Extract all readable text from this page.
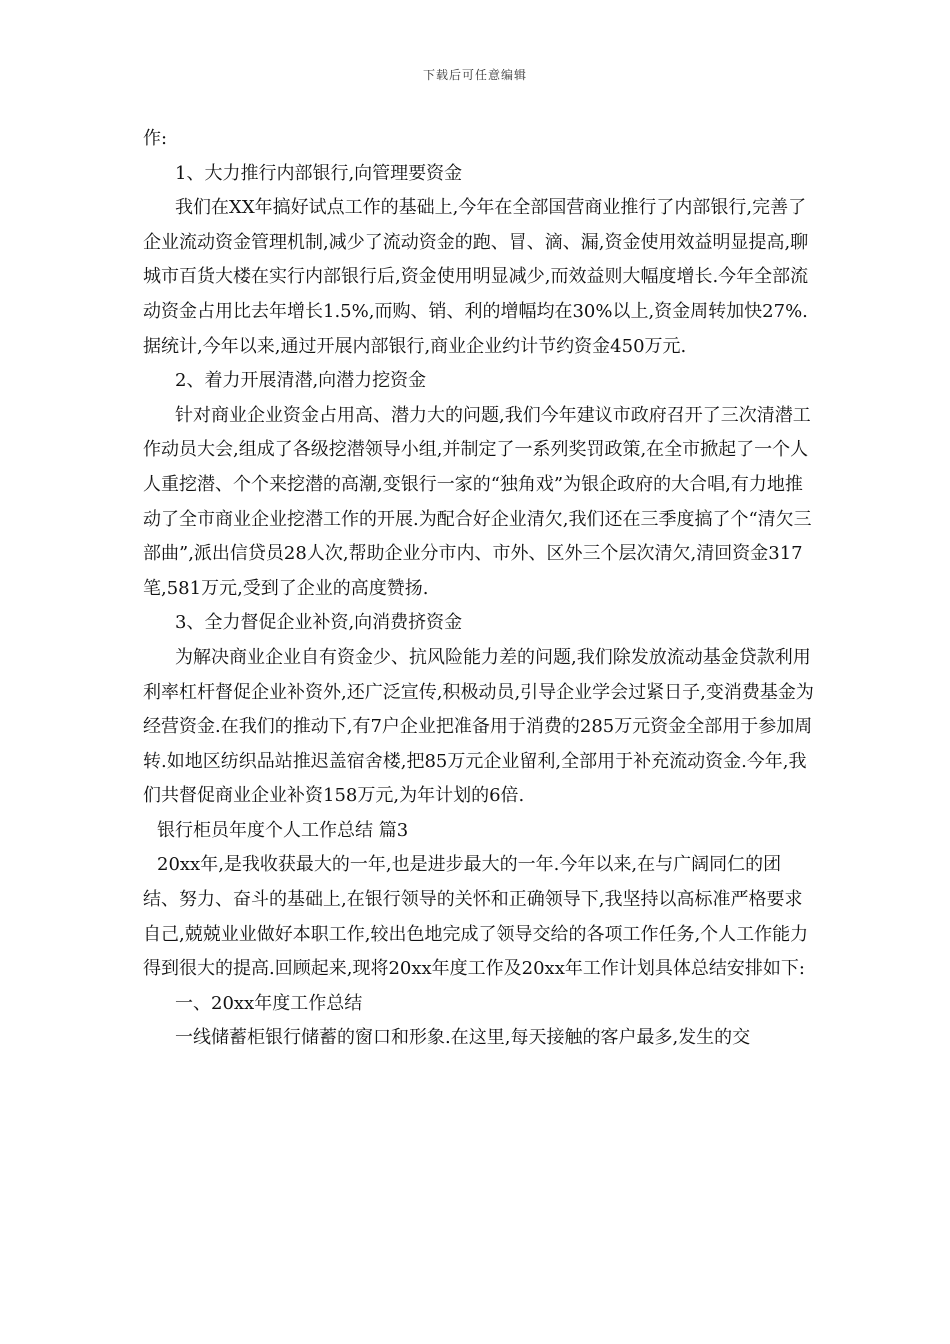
下载后可任意编辑

作:

1、大力推行内部银行,向管理要资金

我们在XX年搞好试点工作的基础上,今年在全部国营商业推行了内部银行,完善了企业流动资金管理机制,减少了流动资金的跑、冒、滴、漏,资金使用效益明显提高,聊城市百货大楼在实行内部银行后,资金使用明显减少,而效益则大幅度增长.今年全部流动资金占用比去年增长1.5%,而购、销、利的增幅均在30%以上,资金周转加快27%.据统计,今年以来,通过开展内部银行,商业企业约计节约资金450万元.

2、着力开展清潜,向潜力挖资金

针对商业企业资金占用高、潜力大的问题,我们今年建议市政府召开了三次清潜工作动员大会,组成了各级挖潜领导小组,并制定了一系列奖罚政策,在全市掀起了一个人人重挖潜、个个来挖潜的高潮,变银行一家的“独角戏”为银企政府的大合唱,有力地推动了全市商业企业挖潜工作的开展.为配合好企业清欠,我们还在三季度搞了个“清欠三部曲”,派出信贷员28人次,帮助企业分市内、市外、区外三个层次清欠,清回资金317笔,581万元,受到了企业的高度赞扬.

3、全力督促企业补资,向消费挤资金

为解决商业企业自有资金少、抗风险能力差的问题,我们除发放流动基金贷款利用利率杠杆督促企业补资外,还广泛宣传,积极动员,引导企业学会过紧日子,变消费基金为经营资金.在我们的推动下,有7户企业把准备用于消费的285万元资金全部用于参加周转.如地区纺织品站推迟盖宿舍楼,把85万元企业留利,全部用于补充流动资金.今年,我们共督促商业企业补资158万元,为年计划的6倍.

银行柜员年度个人工作总结 篇3

20xx年,是我收获最大的一年,也是进步最大的一年.今年以来,在与广阔同仁的团结、努力、奋斗的基础上,在银行领导的关怀和正确领导下,我坚持以高标准严格要求自己,兢兢业业做好本职工作,较出色地完成了领导交给的各项工作任务,个人工作能力得到很大的提高.回顾起来,现将20xx年度工作及20xx年工作计划具体总结安排如下:

一、20xx年度工作总结

一线储蓄柜银行储蓄的窗口和形象.在这里,每天接触的客户最多,发生的交
